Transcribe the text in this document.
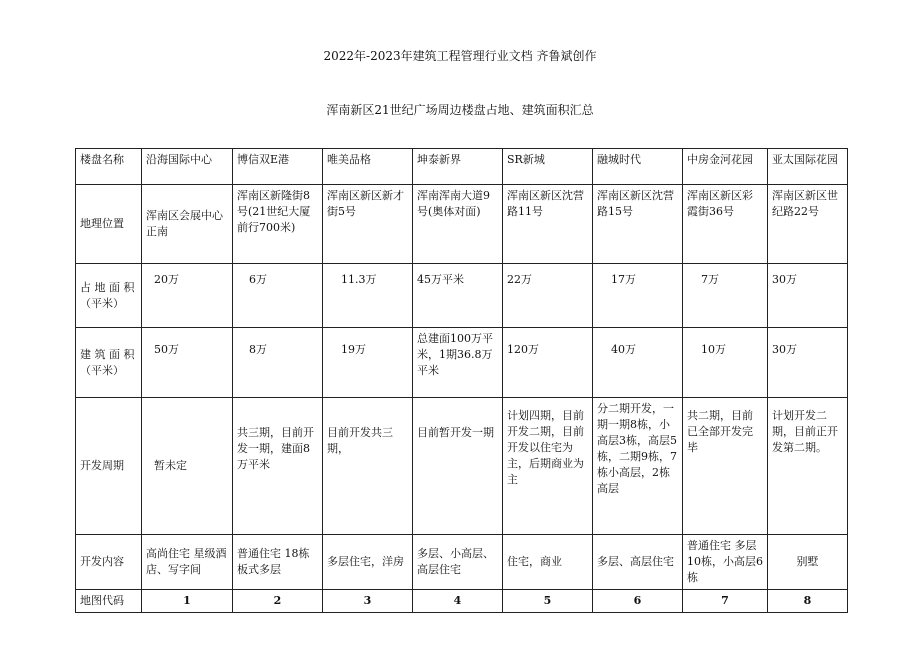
2022年-2023年建筑工程管理行业文档 齐鲁斌创作
浑南新区21世纪广场周边楼盘占地、建筑面积汇总
楼盘名称	沿海国际中心	博信双E港	唯美品格	坤泰新界	SR新城	融城时代	中房金河花园	亚太国际花园
地理位置	浑南区会展中心正南	浑南区新隆街8号(21世纪大厦前行700米)	浑南区新区新才街5号	浑南浑南大道9号(奥体对面)	浑南区新区沈营路11号	浑南区新区沈营路15号	浑南区新区彩霞街36号	浑南区新区世纪路22号
占 地 面 积（平米）	20万	6万	11.3万	45万平米	22万	17万	7万	30万
建 筑 面 积（平米）	50万	8万	19万	总建面100万平米，1期36.8万平米	120万	40万	10万	30万
开发周期	暂未定	共三期，目前开发一期，建面8万平米	目前开发共三期，	目前暂开发一期	计划四期，目前开发二期，目前开发以住宅为主，后期商业为主	分二期开发，一期一期8栋，小高层3栋，高层5栋，二期9栋，7栋小高层，2栋高层	共二期，目前已全部开发完毕	计划开发二期，目前正开发第二期。
开发内容	高尚住宅 星级酒店、写字间	普通住宅 18栋板式多层	多层住宅，洋房	多层、小高层、高层住宅	住宅，商业	多层、高层住宅	普通住宅 多层10栋，小高层6栋	别墅
地图代码	1	2	3	4	5	6	7	8
